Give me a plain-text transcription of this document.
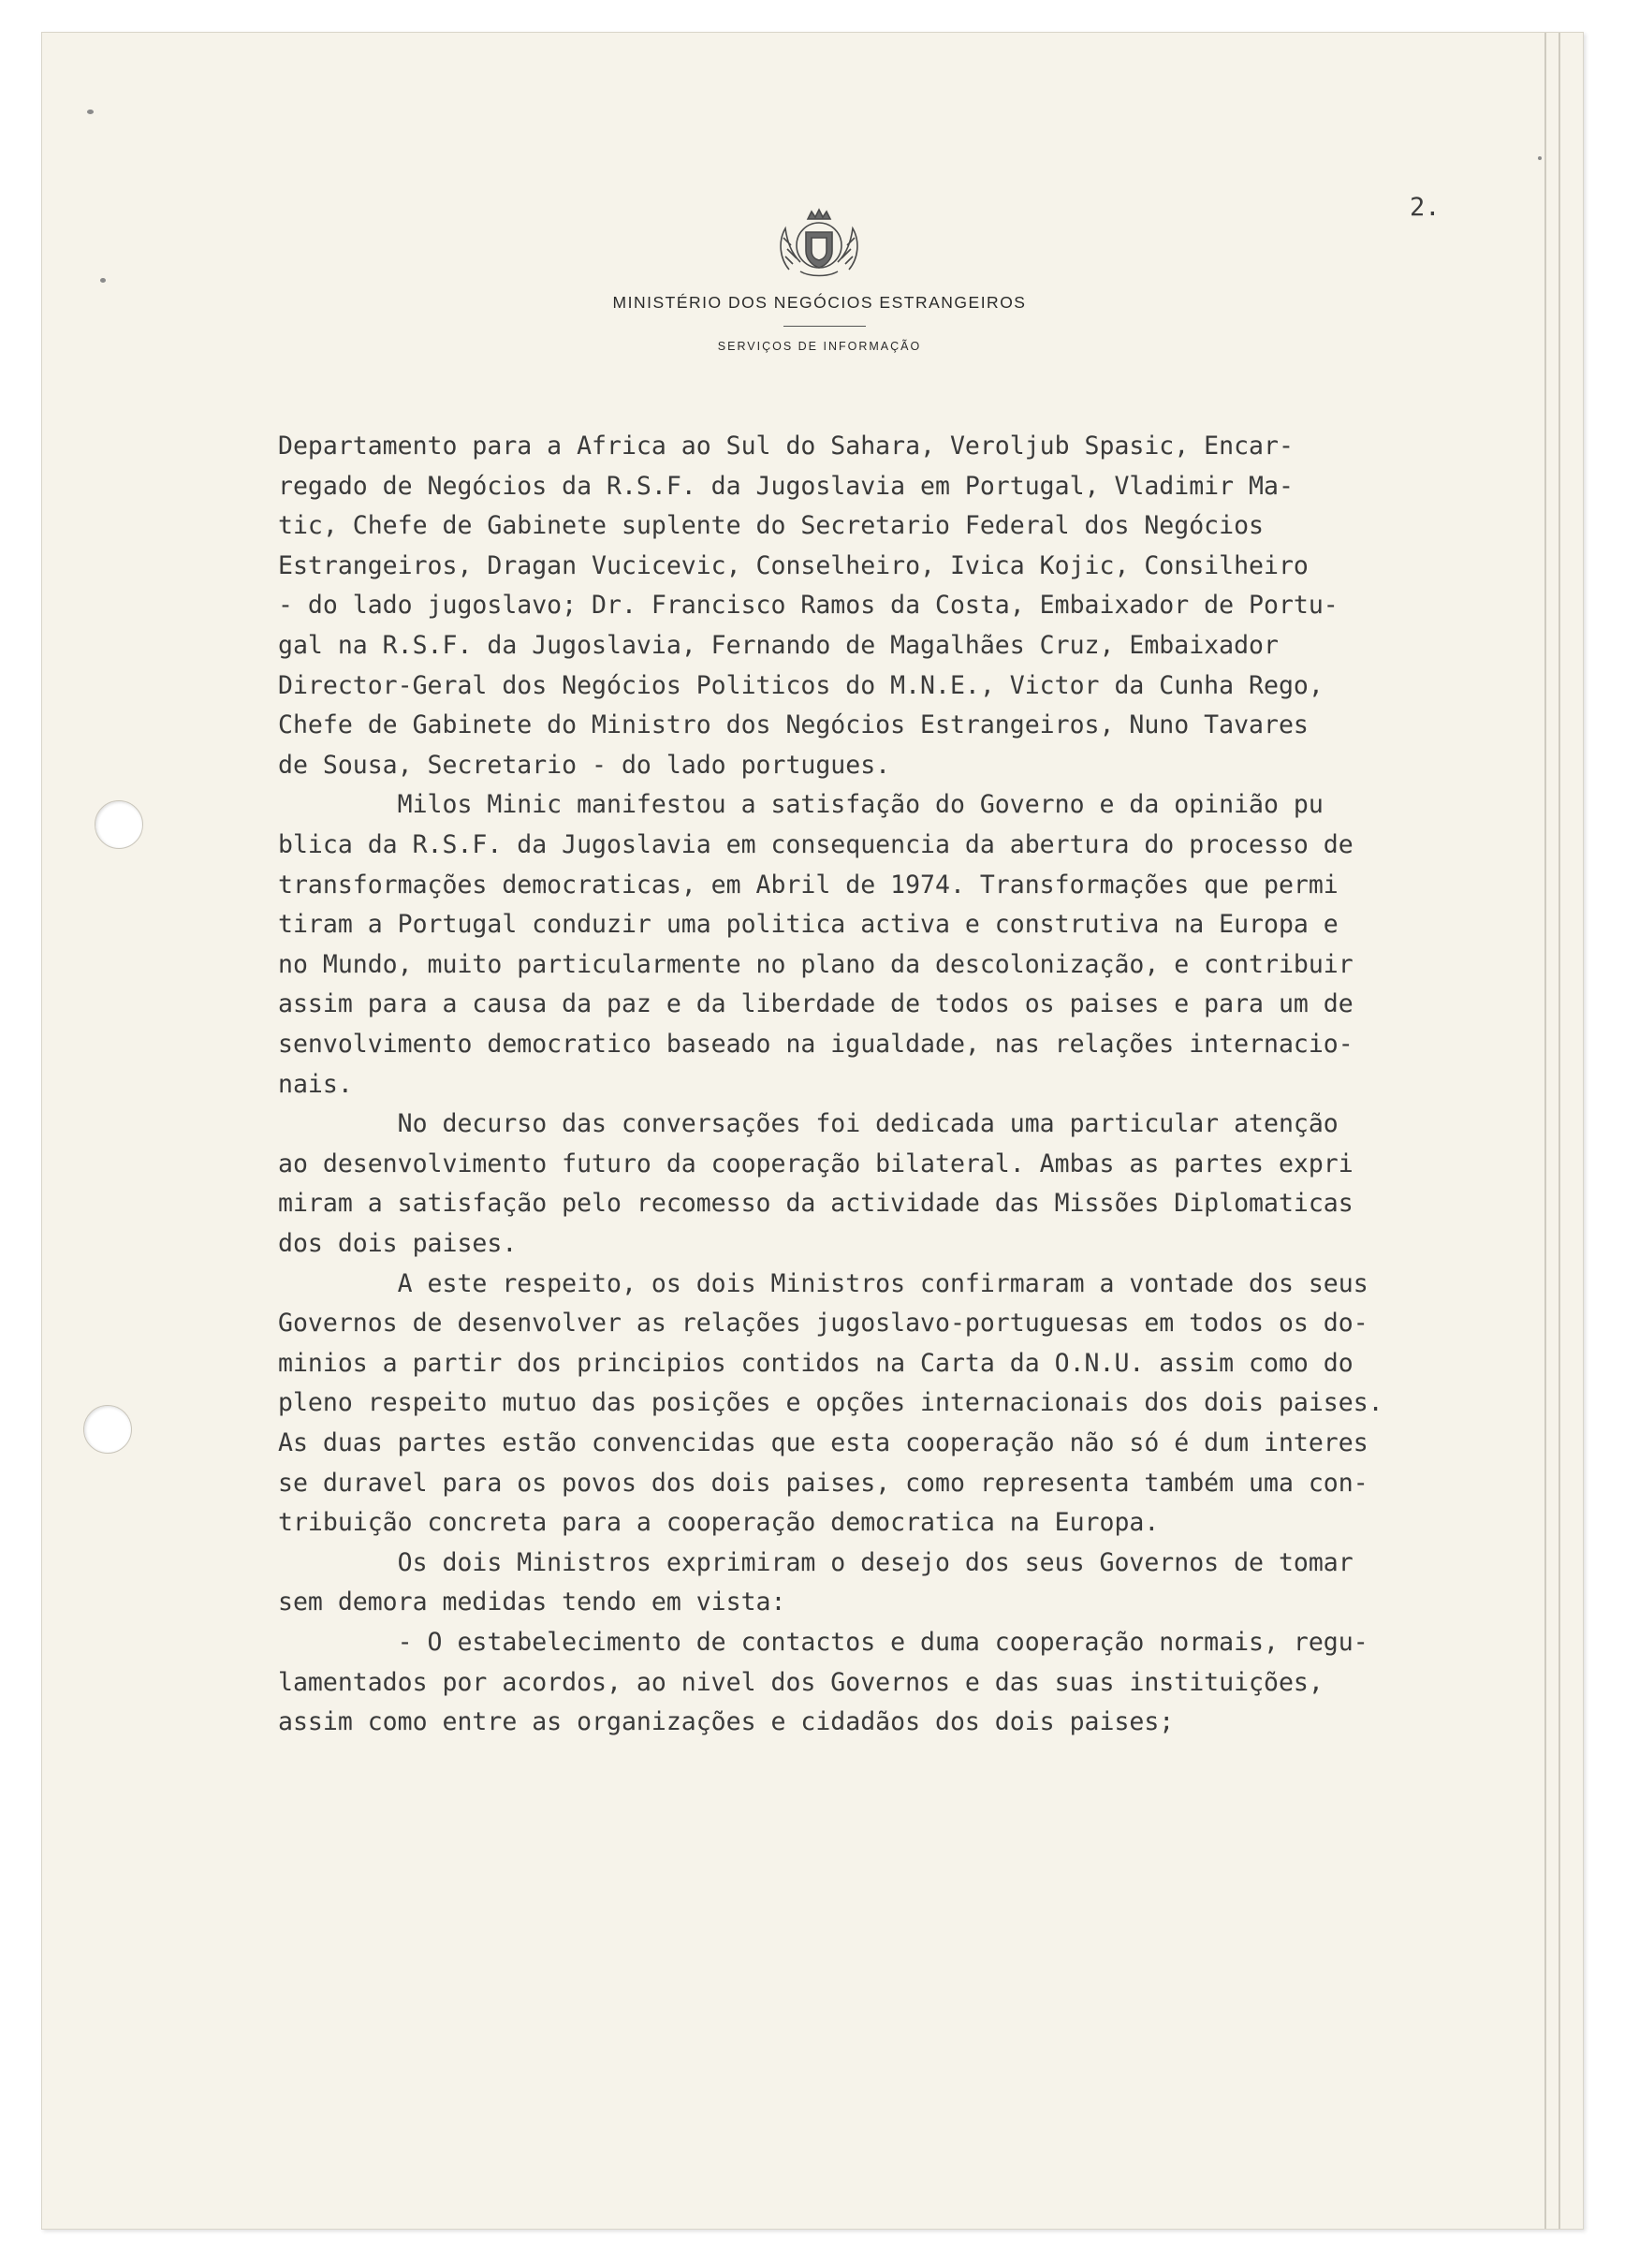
2.
MINISTÉRIO DOS NEGÓCIOS ESTRANGEIROS
SERVIÇOS DE INFORMAÇÃO
Departamento para a Africa ao Sul do Sahara, Veroljub Spasic, Encar-
regado de Negócios da R.S.F. da Jugoslavia em Portugal, Vladimir Ma-
tic, Chefe de Gabinete suplente do Secretario Federal dos Negócios
Estrangeiros, Dragan Vucicevic, Conselheiro, Ivica Kojic, Consilheiro
- do lado jugoslavo; Dr. Francisco Ramos da Costa, Embaixador de Portu-
gal na R.S.F. da Jugoslavia, Fernando de Magalhães Cruz, Embaixador
Director-Geral dos Negócios Politicos do M.N.E., Victor da Cunha Rego,
Chefe de Gabinete do Ministro dos Negócios Estrangeiros, Nuno Tavares
de Sousa, Secretario - do lado portugues.
Milos Minic manifestou a satisfação do Governo e da opinião pu
blica da R.S.F. da Jugoslavia em consequencia da abertura do processo de
transformações democraticas, em Abril de 1974. Transformações que permi
tiram a Portugal conduzir uma politica activa e construtiva na Europa e
no Mundo, muito particularmente no plano da descolonização, e contribuir
assim para a causa da paz e da liberdade de todos os paises e para um de
senvolvimento democratico baseado na igualdade, nas relações internacio-
nais.
No decurso das conversações foi dedicada uma particular atenção
ao desenvolvimento futuro da cooperação bilateral. Ambas as partes expri
miram a satisfação pelo recomesso da actividade das Missões Diplomaticas
dos dois paises.
A este respeito, os dois Ministros confirmaram a vontade dos seus
Governos de desenvolver as relações jugoslavo-portuguesas em todos os do-
minios a partir dos principios contidos na Carta da O.N.U. assim como do
pleno respeito mutuo das posições e opções internacionais dos dois paises.
As duas partes estão convencidas que esta cooperação não só é dum interes
se duravel para os povos dos dois paises, como representa também uma con-
tribuição concreta para a cooperação democratica na Europa.
Os dois Ministros exprimiram o desejo dos seus Governos de tomar
sem demora medidas tendo em vista:
- O estabelecimento de contactos e duma cooperação normais, regu-
lamentados por acordos, ao nivel dos Governos e das suas instituições,
assim como entre as organizações e cidadãos dos dois paises;
